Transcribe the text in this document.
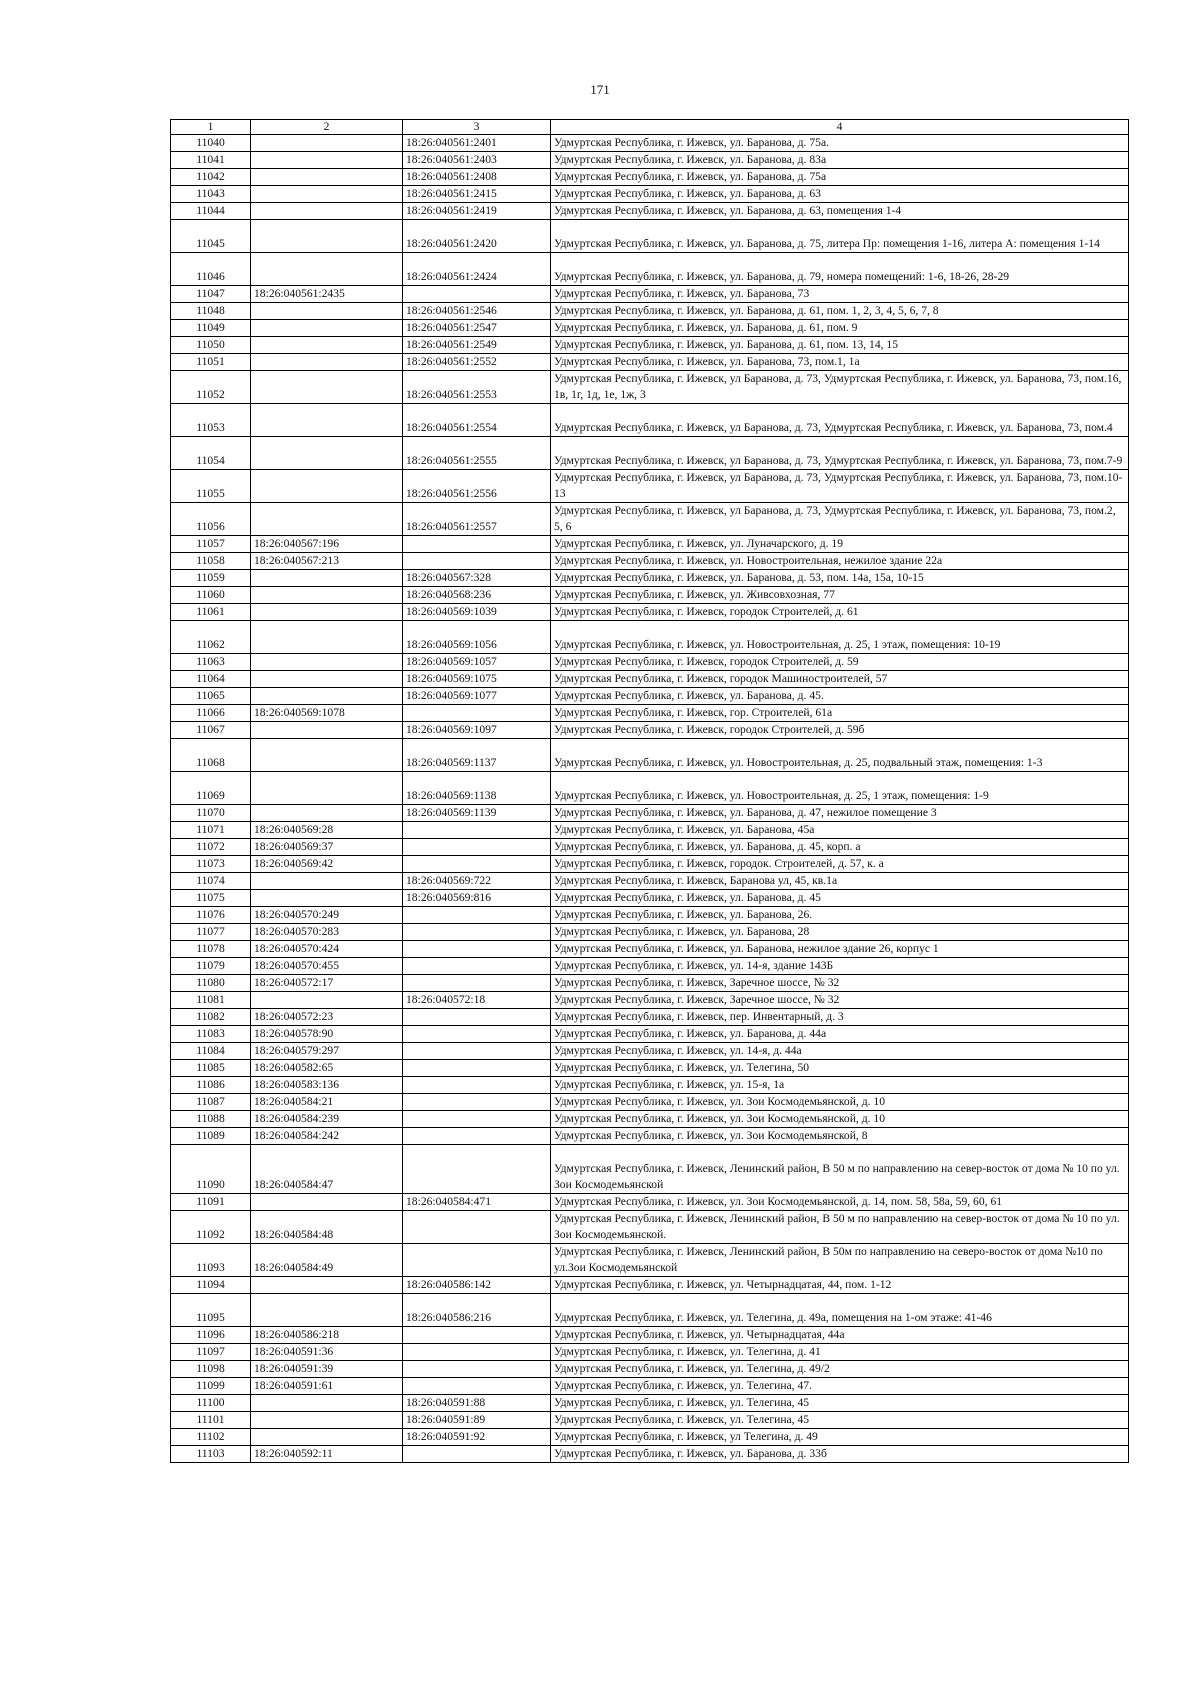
171
1	2	3	4
11040		18:26:040561:2401	Удмуртская Республика, г. Ижевск, ул. Баранова, д. 75а.
11041		18:26:040561:2403	Удмуртская Республика, г. Ижевск, ул. Баранова, д. 83а
11042		18:26:040561:2408	Удмуртская Республика, г. Ижевск, ул. Баранова, д. 75а
11043		18:26:040561:2415	Удмуртская Республика, г. Ижевск, ул. Баранова, д. 63
11044		18:26:040561:2419	Удмуртская Республика, г. Ижевск, ул. Баранова, д. 63, помещения 1-4
11045		18:26:040561:2420	Удмуртская Республика, г. Ижевск, ул. Баранова, д. 75, литера Пр: помещения 1-16, литера А: помещения 1-14
11046		18:26:040561:2424	Удмуртская Республика, г. Ижевск, ул. Баранова, д. 79, номера помещений: 1-6, 18-26, 28-29
11047	18:26:040561:2435		Удмуртская Республика, г. Ижевск, ул. Баранова, 73
11048		18:26:040561:2546	Удмуртская Республика, г. Ижевск, ул. Баранова, д. 61, пом. 1, 2, 3, 4, 5, 6, 7, 8
11049		18:26:040561:2547	Удмуртская Республика, г. Ижевск, ул. Баранова, д. 61, пом. 9
11050		18:26:040561:2549	Удмуртская Республика, г. Ижевск, ул. Баранова, д. 61, пом. 13, 14, 15
11051		18:26:040561:2552	Удмуртская Республика, г. Ижевск, ул. Баранова, 73, пом.1, 1а
11052		18:26:040561:2553	Удмуртская Республика, г. Ижевск, ул Баранова, д. 73, Удмуртская Республика, г. Ижевск, ул. Баранова, 73, пом.16, 1в, 1г, 1д, 1е, 1ж, 3
11053		18:26:040561:2554	Удмуртская Республика, г. Ижевск, ул Баранова, д. 73, Удмуртская Республика, г. Ижевск, ул. Баранова, 73, пом.4
11054		18:26:040561:2555	Удмуртская Республика, г. Ижевск, ул Баранова, д. 73, Удмуртская Республика, г. Ижевск, ул. Баранова, 73, пом.7-9
11055		18:26:040561:2556	Удмуртская Республика, г. Ижевск, ул Баранова, д. 73, Удмуртская Республика, г. Ижевск, ул. Баранова, 73, пом.10-13
11056		18:26:040561:2557	Удмуртская Республика, г. Ижевск, ул Баранова, д. 73, Удмуртская Республика, г. Ижевск, ул. Баранова, 73, пом.2, 5, 6
11057	18:26:040567:196		Удмуртская Республика, г. Ижевск, ул. Луначарского, д. 19
11058	18:26:040567:213		Удмуртская Республика, г. Ижевск, ул. Новостроительная, нежилое здание 22а
11059		18:26:040567:328	Удмуртская Республика, г. Ижевск, ул. Баранова, д. 53, пом. 14а, 15а, 10-15
11060		18:26:040568:236	Удмуртская Республика, г. Ижевск, ул. Живсовхозная, 77
11061		18:26:040569:1039	Удмуртская Республика, г. Ижевск, городок Строителей, д. 61
11062		18:26:040569:1056	Удмуртская Республика, г. Ижевск, ул. Новостроительная, д. 25, 1 этаж, помещения: 10-19
11063		18:26:040569:1057	Удмуртская Республика, г. Ижевск, городок Строителей, д. 59
11064		18:26:040569:1075	Удмуртская Республика, г. Ижевск, городок Машиностроителей, 57
11065		18:26:040569:1077	Удмуртская Республика, г. Ижевск, ул. Баранова, д. 45.
11066	18:26:040569:1078		Удмуртская Республика, г. Ижевск, гор. Строителей, 61а
11067		18:26:040569:1097	Удмуртская Республика, г. Ижевск, городок Строителей, д. 59б
11068		18:26:040569:1137	Удмуртская Республика, г. Ижевск, ул. Новостроительная, д. 25, подвальный этаж, помещения: 1-3
11069		18:26:040569:1138	Удмуртская Республика, г. Ижевск, ул. Новостроительная, д. 25, 1 этаж, помещения: 1-9
11070		18:26:040569:1139	Удмуртская Республика, г. Ижевск, ул. Баранова, д. 47, нежилое помещение 3
11071	18:26:040569:28		Удмуртская Республика, г. Ижевск, ул. Баранова, 45а
11072	18:26:040569:37		Удмуртская Республика, г. Ижевск, ул. Баранова, д. 45, корп. а
11073	18:26:040569:42		Удмуртская Республика, г. Ижевск, городок. Строителей, д. 57, к. а
11074		18:26:040569:722	Удмуртская Республика, г. Ижевск, Баранова ул, 45, кв.1а
11075		18:26:040569:816	Удмуртская Республика, г. Ижевск, ул. Баранова, д. 45
11076	18:26:040570:249		Удмуртская Республика, г. Ижевск, ул. Баранова, 26.
11077	18:26:040570:283		Удмуртская Республика, г. Ижевск, ул. Баранова, 28
11078	18:26:040570:424		Удмуртская Республика, г. Ижевск, ул. Баранова, нежилое здание 26, корпус 1
11079	18:26:040570:455		Удмуртская Республика, г. Ижевск, ул. 14-я, здание 143Б
11080	18:26:040572:17		Удмуртская Республика, г. Ижевск, Заречное шоссе, № 32
11081		18:26:040572:18	Удмуртская Республика, г. Ижевск, Заречное шоссе, № 32
11082	18:26:040572:23		Удмуртская Республика, г. Ижевск, пер. Инвентарный, д. 3
11083	18:26:040578:90		Удмуртская Республика, г. Ижевск, ул. Баранова, д. 44а
11084	18:26:040579:297		Удмуртская Республика, г. Ижевск, ул. 14-я, д. 44а
11085	18:26:040582:65		Удмуртская Республика, г. Ижевск, ул. Телегина, 50
11086	18:26:040583:136		Удмуртская Республика, г. Ижевск, ул. 15-я, 1а
11087	18:26:040584:21		Удмуртская Республика, г. Ижевск, ул. Зои Космодемьянской, д. 10
11088	18:26:040584:239		Удмуртская Республика, г. Ижевск, ул. Зои Космодемьянской, д. 10
11089	18:26:040584:242		Удмуртская Республика, г. Ижевск, ул. Зои Космодемьянской, 8
11090	18:26:040584:47		Удмуртская Республика, г. Ижевск, Ленинский район, В 50 м по направлению на север-восток от дома № 10 по ул. Зои Космодемьянской
11091		18:26:040584:471	Удмуртская Республика, г. Ижевск, ул. Зои Космодемьянской, д. 14, пом. 58, 58а, 59, 60, 61
11092	18:26:040584:48		Удмуртская Республика, г. Ижевск, Ленинский район, В 50 м по направлению на север-восток от дома № 10 по ул. Зои Космодемьянской.
11093	18:26:040584:49		Удмуртская Республика, г. Ижевск, Ленинский район, В 50м по направлению на северо-восток от дома №10 по ул.Зои Космодемьянской
11094		18:26:040586:142	Удмуртская Республика, г. Ижевск, ул. Четырнадцатая, 44, пом. 1-12
11095		18:26:040586:216	Удмуртская Республика, г. Ижевск, ул. Телегина, д. 49а, помещения на 1-ом этаже: 41-46
11096	18:26:040586:218		Удмуртская Республика, г. Ижевск, ул. Четырнадцатая, 44а
11097	18:26:040591:36		Удмуртская Республика, г. Ижевск, ул. Телегина, д. 41
11098	18:26:040591:39		Удмуртская Республика, г. Ижевск, ул. Телегина, д. 49/2
11099	18:26:040591:61		Удмуртская Республика, г. Ижевск, ул. Телегина, 47.
11100		18:26:040591:88	Удмуртская Республика, г. Ижевск, ул. Телегина, 45
11101		18:26:040591:89	Удмуртская Республика, г. Ижевск, ул. Телегина, 45
11102		18:26:040591:92	Удмуртская Республика, г. Ижевск, ул Телегина, д. 49
11103	18:26:040592:11		Удмуртская Республика, г. Ижевск, ул. Баранова, д. 33б
